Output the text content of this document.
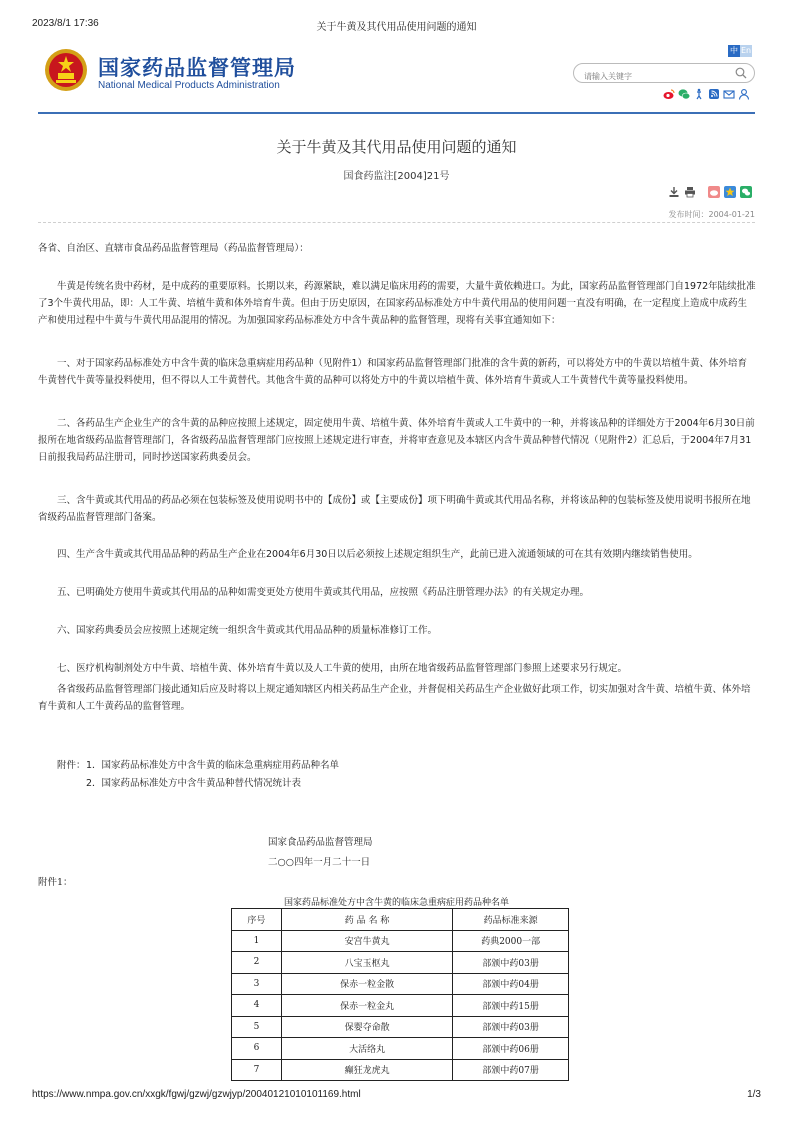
2023/8/1 17:36	关于牛黄及其代用品使用问题的通知
国家药品监督管理局
National Medical Products Administration
中 En
请输入关键字
关于牛黄及其代用品使用问题的通知
国食药监注[2004]21号
发布时间：2004-01-21
各省、自治区、直辖市食品药品监督管理局（药品监督管理局）：
牛黄是传统名贵中药材，是中成药的重要原料。长期以来，药源紧缺，难以满足临床用药的需要，大量牛黄依赖进口。为此，国家药品监督管理部门自1972年陆续批准了3个牛黄代用品，即：人工牛黄、培植牛黄和体外培育牛黄。但由于历史原因，在国家药品标准处方中牛黄代用品的使用问题一直没有明确，在一定程度上造成中成药生产和使用过程中牛黄与牛黄代用品混用的情况。为加强国家药品标准处方中含牛黄品种的监督管理，现将有关事宜通知如下：
一、对于国家药品标准处方中含牛黄的临床急重病症用药品种（见附件1）和国家药品监督管理部门批准的含牛黄的新药，可以将处方中的牛黄以培植牛黄、体外培育牛黄替代牛黄等量投料使用，但不得以人工牛黄替代。其他含牛黄的品种可以将处方中的牛黄以培植牛黄、体外培育牛黄或人工牛黄替代牛黄等量投料使用。
二、各药品生产企业生产的含牛黄的品种应按照上述规定，固定使用牛黄、培植牛黄、体外培育牛黄或人工牛黄中的一种，并将该品种的详细处方于2004年6月30日前报所在地省级药品监督管理部门，各省级药品监督管理部门应按照上述规定进行审查，并将审查意见及本辖区内含牛黄品种替代情况（见附件2）汇总后，于2004年7月31日前报我局药品注册司，同时抄送国家药典委员会。
三、含牛黄或其代用品的药品必须在包装标签及使用说明书中的【成份】或【主要成份】项下明确牛黄或其代用品名称，并将该品种的包装标签及使用说明书报所在地省级药品监督管理部门备案。
四、生产含牛黄或其代用品品种的药品生产企业在2004年6月30日以后必须按上述规定组织生产，此前已进入流通领域的可在其有效期内继续销售使用。
五、已明确处方使用牛黄或其代用品的品种如需变更处方使用牛黄或其代用品，应按照《药品注册管理办法》的有关规定办理。
六、国家药典委员会应按照上述规定统一组织含牛黄或其代用品品种的质量标准修订工作。
七、医疗机构制剂处方中牛黄、培植牛黄、体外培育牛黄以及人工牛黄的使用，由所在地省级药品监督管理部门参照上述要求另行规定。
各省级药品监督管理部门接此通知后应及时将以上规定通知辖区内相关药品生产企业，并督促相关药品生产企业做好此项工作，切实加强对含牛黄、培植牛黄、体外培育牛黄和人工牛黄药品的监督管理。
附件： 1．国家药品标准处方中含牛黄的临床急重病症用药品种名单
2．国家药品标准处方中含牛黄品种替代情况统计表
国家食品药品监督管理局
二○○四年一月二十一日
附件1：
国家药品标准处方中含牛黄的临床急重病症用药品种名单
序号	药 品 名 称	药品标准来源
1	安宫牛黄丸	药典2000一部
2	八宝玉枢丸	部颁中药03册
3	保赤一粒金散	部颁中药04册
4	保赤一粒金丸	部颁中药15册
5	保婴夺命散	部颁中药03册
6	大活络丸	部颁中药06册
7	癫狂龙虎丸	部颁中药07册
https://www.nmpa.gov.cn/xxgk/fgwj/gzwj/gzwjyp/20040121010101169.html	1/3
